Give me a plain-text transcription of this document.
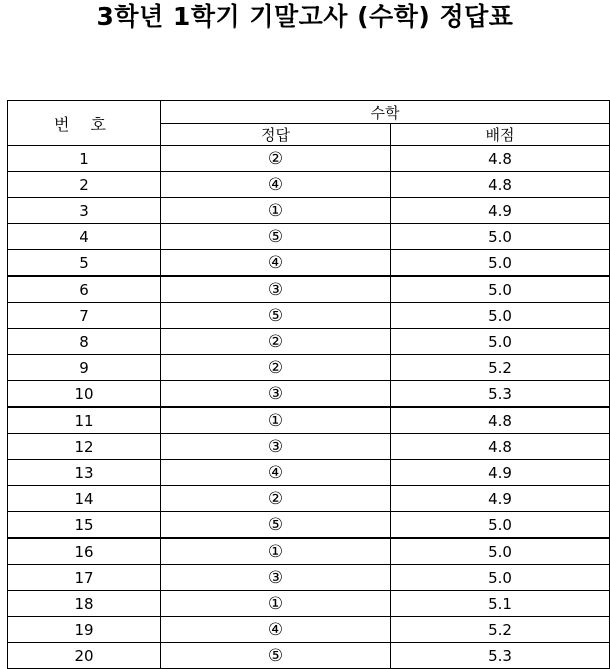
3학년 1학기 기말고사 (수학) 정답표
번 호	수학	
	정답	배점
1	②	4.8
2	④	4.8
3	①	4.9
4	⑤	5.0
5	④	5.0
6	③	5.0
7	⑤	5.0
8	②	5.0
9	②	5.2
10	③	5.3
11	①	4.8
12	③	4.8
13	④	4.9
14	②	4.9
15	⑤	5.0
16	①	5.0
17	③	5.0
18	①	5.1
19	④	5.2
20	⑤	5.3
